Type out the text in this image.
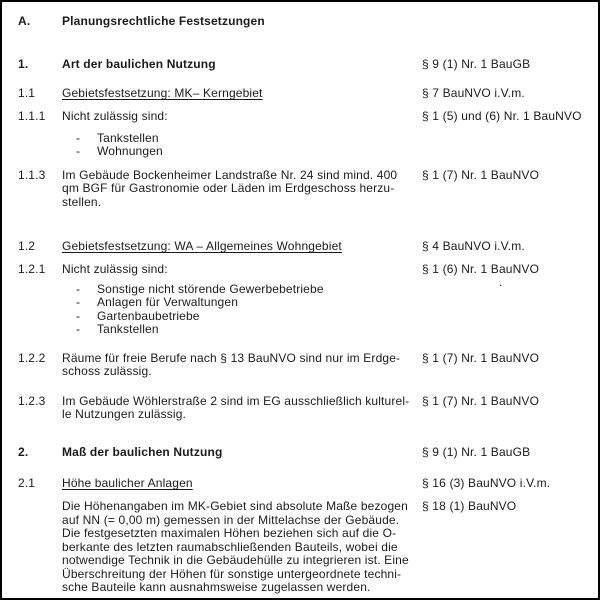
A.	Planungsrechtliche Festsetzungen
1.	Art der baulichen Nutzung	§ 9 (1) Nr. 1 BauGB
1.1	Gebietsfestsetzung: MK– Kerngebiet	§ 7 BauNVO i.V.m.
1.1.1	Nicht zulässig sind:	§ 1 (5) und (6) Nr. 1 BauNVO
- Tankstellen
- Wohnungen
1.1.3	Im Gebäude Bockenheimer Landstraße Nr. 24 sind mind. 400
qm BGF für Gastronomie oder Läden im Erdgeschoss herzu-
stellen.
§ 1 (7) Nr. 1 BauNVO
1.2	Gebietsfestsetzung: WA – Allgemeines Wohngebiet	§ 4 BauNVO i.V.m.
1.2.1	Nicht zulässig sind:	§ 1 (6) Nr. 1 BauNVO
.
- Sonstige nicht störende Gewerbebetriebe
- Anlagen für Verwaltungen
- Gartenbaubetriebe
- Tankstellen
1.2.2	Räume für freie Berufe nach § 13 BauNVO sind nur im Erdge-
schoss zulässig.
§ 1 (7) Nr. 1 BauNVO
1.2.3	Im Gebäude Wöhlerstraße 2 sind im EG ausschließlich kulturel-
le Nutzungen zulässig.
§ 1 (7) Nr. 1 BauNVO
2.	Maß der baulichen Nutzung	§ 9 (1) Nr. 1 BauGB
2.1	Höhe baulicher Anlagen	§ 16 (3) BauNVO i.V.m.
Die Höhenangaben im MK-Gebiet sind absolute Maße bezogen
auf NN (= 0,00 m) gemessen in der Mittelachse der Gebäude.
Die festgesetzten maximalen Höhen beziehen sich auf die O-
berkante des letzten raumabschließenden Bauteils, wobei die
notwendige Technik in die Gebäudehülle zu integrieren ist. Eine
Überschreitung der Höhen für sonstige untergeordnete techni-
sche Bauteile kann ausnahmsweise zugelassen werden.
§ 18 (1) BauNVO
